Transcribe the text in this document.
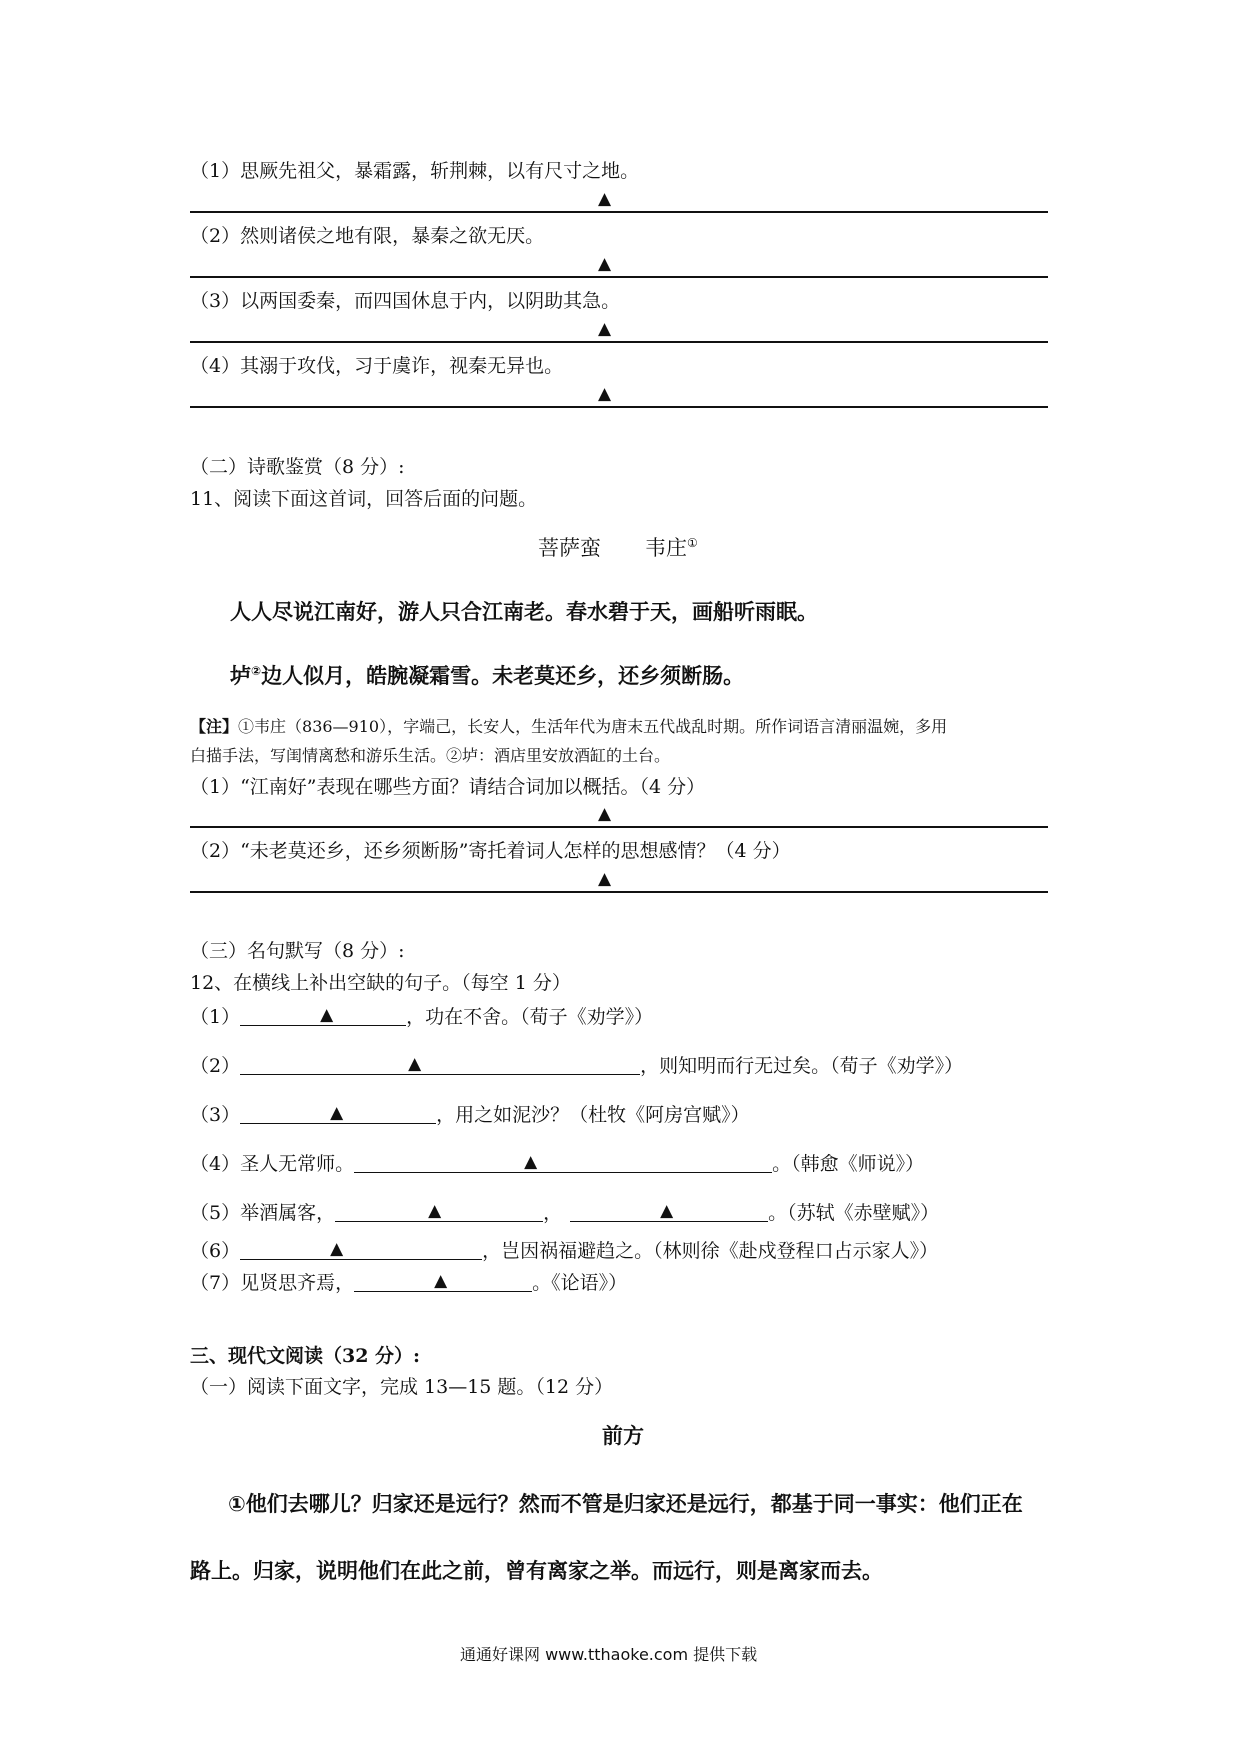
（1）思厥先祖父，暴霜露，斩荆棘，以有尺寸之地。
▲
（2）然则诸侯之地有限，暴秦之欲无厌。
▲
（3）以两国委秦，而四国休息于内，以阴助其急。
▲
（4）其溺于攻伐，习于虞诈，视秦无异也。
▲
（二）诗歌鉴赏（8 分）:
11、阅读下面这首词，回答后面的问题。
菩萨蛮 韦庄①
人人尽说江南好，游人只合江南老。春水碧于天，画船听雨眠。
垆②边人似月，皓腕凝霜雪。未老莫还乡，还乡须断肠。
【注】①韦庄（836—910），字端己，长安人，生活年代为唐末五代战乱时期。所作词语言清丽温婉，多用
白描手法，写闺情离愁和游乐生活。②垆：酒店里安放酒缸的土台。
（1）“江南好”表现在哪些方面？请结合词加以概括。（4 分）
▲
（2）“未老莫还乡，还乡须断肠”寄托着词人怎样的思想感情？（4 分）
▲
（三）名句默写（8 分）:
12、在横线上补出空缺的句子。（每空 1 分）
（1）	▲	，功在不舍。（荀子《劝学》）
（2）	▲	，则知明而行无过矣。（荀子《劝学》）
（3）	▲	，用之如泥沙？（杜牧《阿房宫赋》）
（4）圣人无常师。	▲	。（韩愈《师说》）
（5）举酒属客，	▲	，	▲	。（苏轼《赤壁赋》）
（6）	▲	，岂因祸福避趋之。（林则徐《赴戍登程口占示家人》）
（7）见贤思齐焉，	▲	。《论语》）
三、现代文阅读（32 分）:
（一）阅读下面文字，完成 13—15 题。（12 分）
前方
①他们去哪儿？归家还是远行？然而不管是归家还是远行，都基于同一事实：他们正在
路上。归家，说明他们在此之前，曾有离家之举。而远行，则是离家而去。
通通好课网 www.tthaoke.com 提供下载
